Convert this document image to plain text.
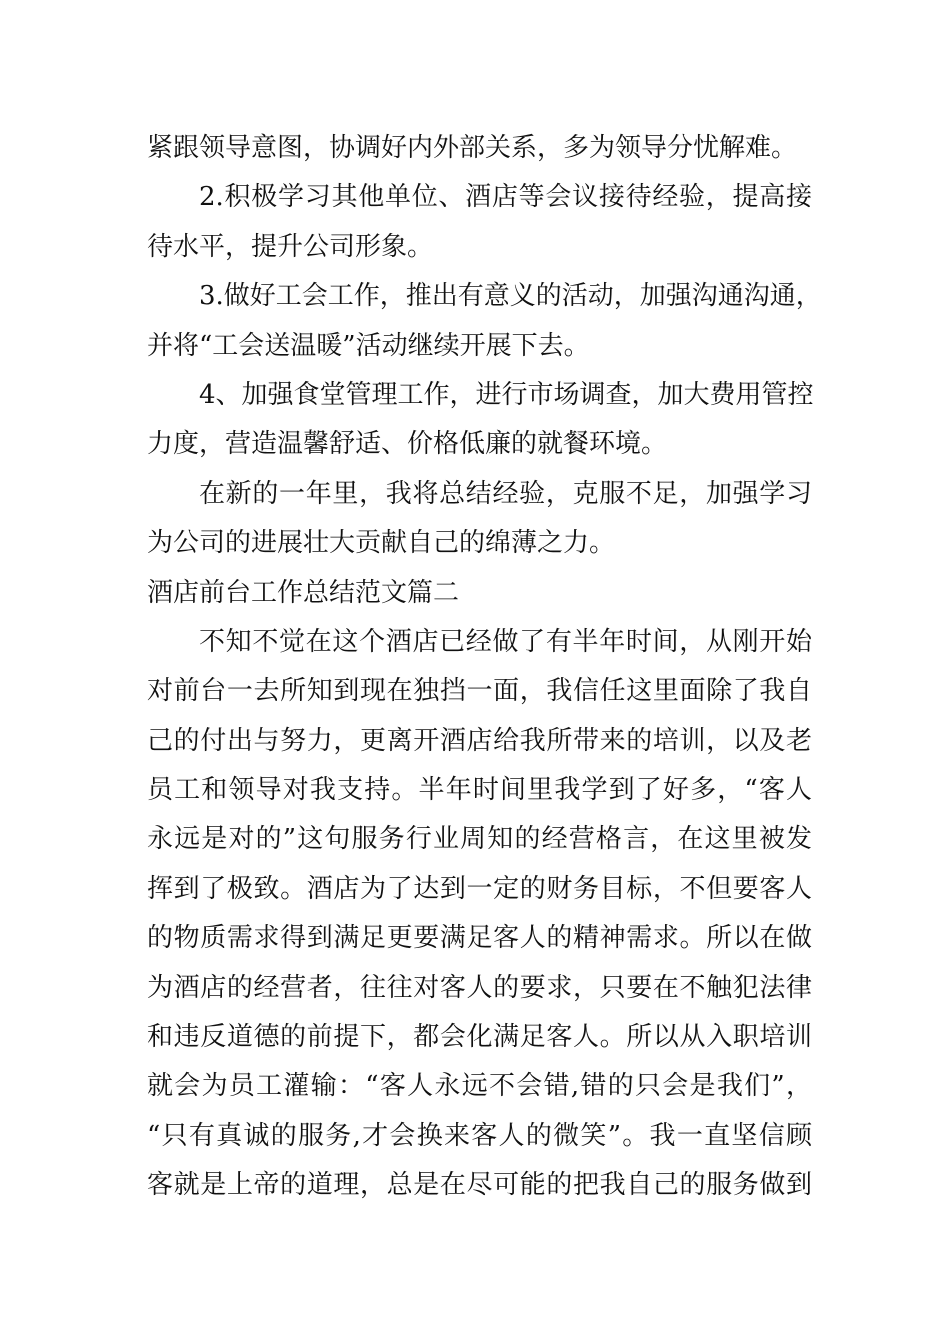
紧跟领导意图，协调好内外部关系，多为领导分忧解难。
2.积极学习其他单位、酒店等会议接待经验，提高接
待水平，提升公司形象。
3.做好工会工作，推出有意义的活动，加强沟通沟通，
并将“工会送温暖”活动继续开展下去。
4、加强食堂管理工作，进行市场调查，加大费用管控
力度，营造温馨舒适、价格低廉的就餐环境。
在新的一年里，我将总结经验，克服不足，加强学习
为公司的进展壮大贡献自己的绵薄之力。
酒店前台工作总结范文篇二
不知不觉在这个酒店已经做了有半年时间，从刚开始
对前台一去所知到现在独挡一面，我信任这里面除了我自
己的付出与努力，更离开酒店给我所带来的培训，以及老
员工和领导对我支持。半年时间里我学到了好多，“客人
永远是对的”这句服务行业周知的经营格言，在这里被发
挥到了极致。酒店为了达到一定的财务目标，不但要客人
的物质需求得到满足更要满足客人的精神需求。所以在做
为酒店的经营者，往往对客人的要求，只要在不触犯法律
和违反道德的前提下，都会化满足客人。所以从入职培训
就会为员工灌输：“客人永远不会错,错的只会是我们”，
“只有真诚的服务,才会换来客人的微笑”。我一直坚信顾
客就是上帝的道理，总是在尽可能的把我自己的服务做到
